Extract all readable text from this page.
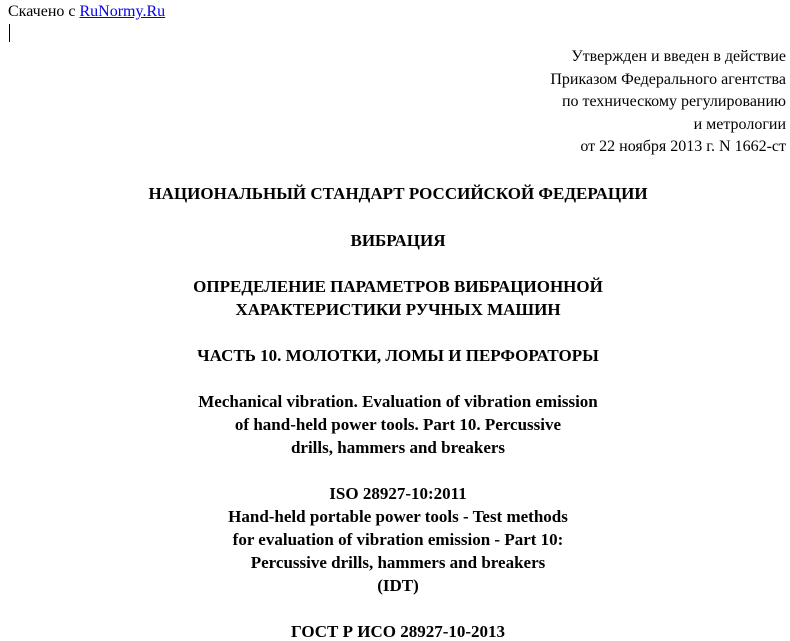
Скачено с RuNormy.Ru
Утвержден и введен в действие
Приказом Федерального агентства
по техническому регулированию
и метрологии
от 22 ноября 2013 г. N 1662-ст
НАЦИОНАЛЬНЫЙ СТАНДАРТ РОССИЙСКОЙ ФЕДЕРАЦИИ
ВИБРАЦИЯ
ОПРЕДЕЛЕНИЕ ПАРАМЕТРОВ ВИБРАЦИОННОЙ
ХАРАКТЕРИСТИКИ РУЧНЫХ МАШИН
ЧАСТЬ 10. МОЛОТКИ, ЛОМЫ И ПЕРФОРАТОРЫ
Mechanical vibration. Evaluation of vibration emission
of hand-held power tools. Part 10. Percussive
drills, hammers and breakers
ISO 28927-10:2011
Hand-held portable power tools - Test methods
for evaluation of vibration emission - Part 10:
Percussive drills, hammers and breakers
(IDT)
ГОСТ Р ИСО 28927-10-2013
